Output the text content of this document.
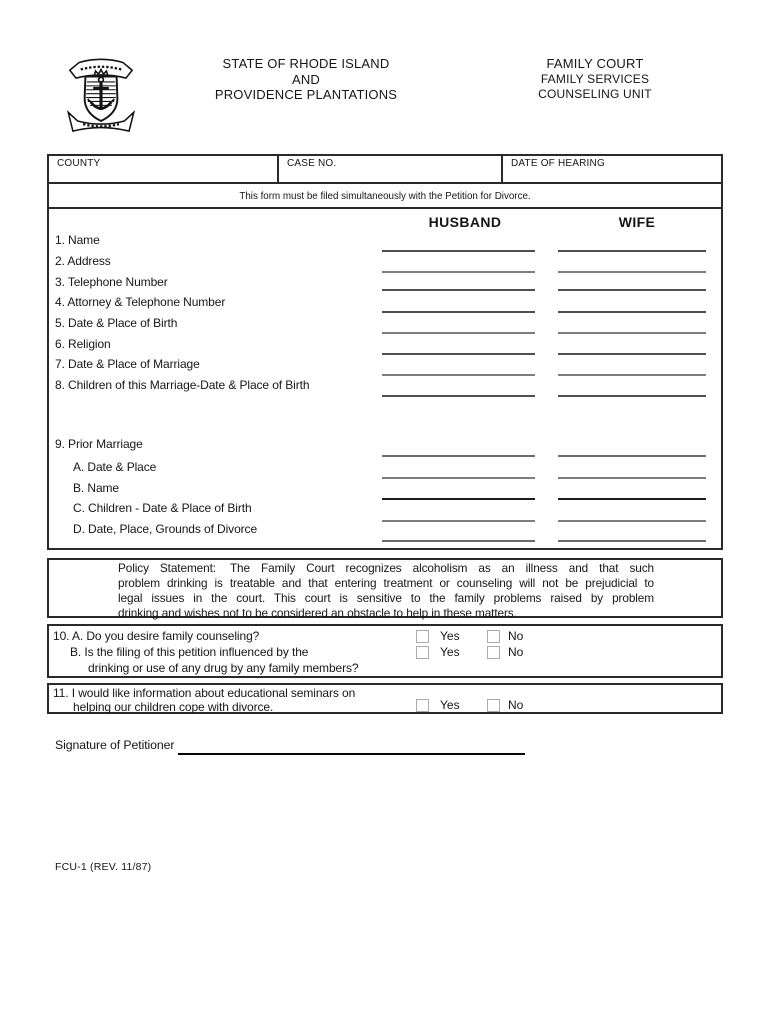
STATE OF RHODE ISLAND
AND
PROVIDENCE PLANTATIONS
FAMILY COURT
FAMILY SERVICES
COUNSELING UNIT
COUNTY	CASE NO.	DATE OF HEARING
This form must be filed simultaneously with the Petition for Divorce.
HUSBAND	WIFE
1. Name
2. Address
3. Telephone Number
4. Attorney & Telephone Number
5. Date & Place of Birth
6. Religion
7. Date & Place of Marriage
8. Children of this Marriage-Date & Place of Birth
9. Prior Marriage
A. Date & Place
B. Name
C. Children - Date & Place of Birth
D. Date, Place, Grounds of Divorce
Policy Statement: The Family Court recognizes alcoholism as an illness and that such
problem drinking is treatable and that entering treatment or counseling will not be prejudicial to
legal issues in the court. This court is sensitive to the family problems raised by problem
drinking and wishes not to be considered an obstacle to help in these matters.
10. A. Do you desire family counseling?
B. Is the filing of this petition influenced by the
drinking or use of any drug by any family members?
Yes	No
Yes	No
11. I would like information about educational seminars on
helping our children cope with divorce.	Yes	No
Signature of Petitioner
FCU-1 (REV. 11/87)
